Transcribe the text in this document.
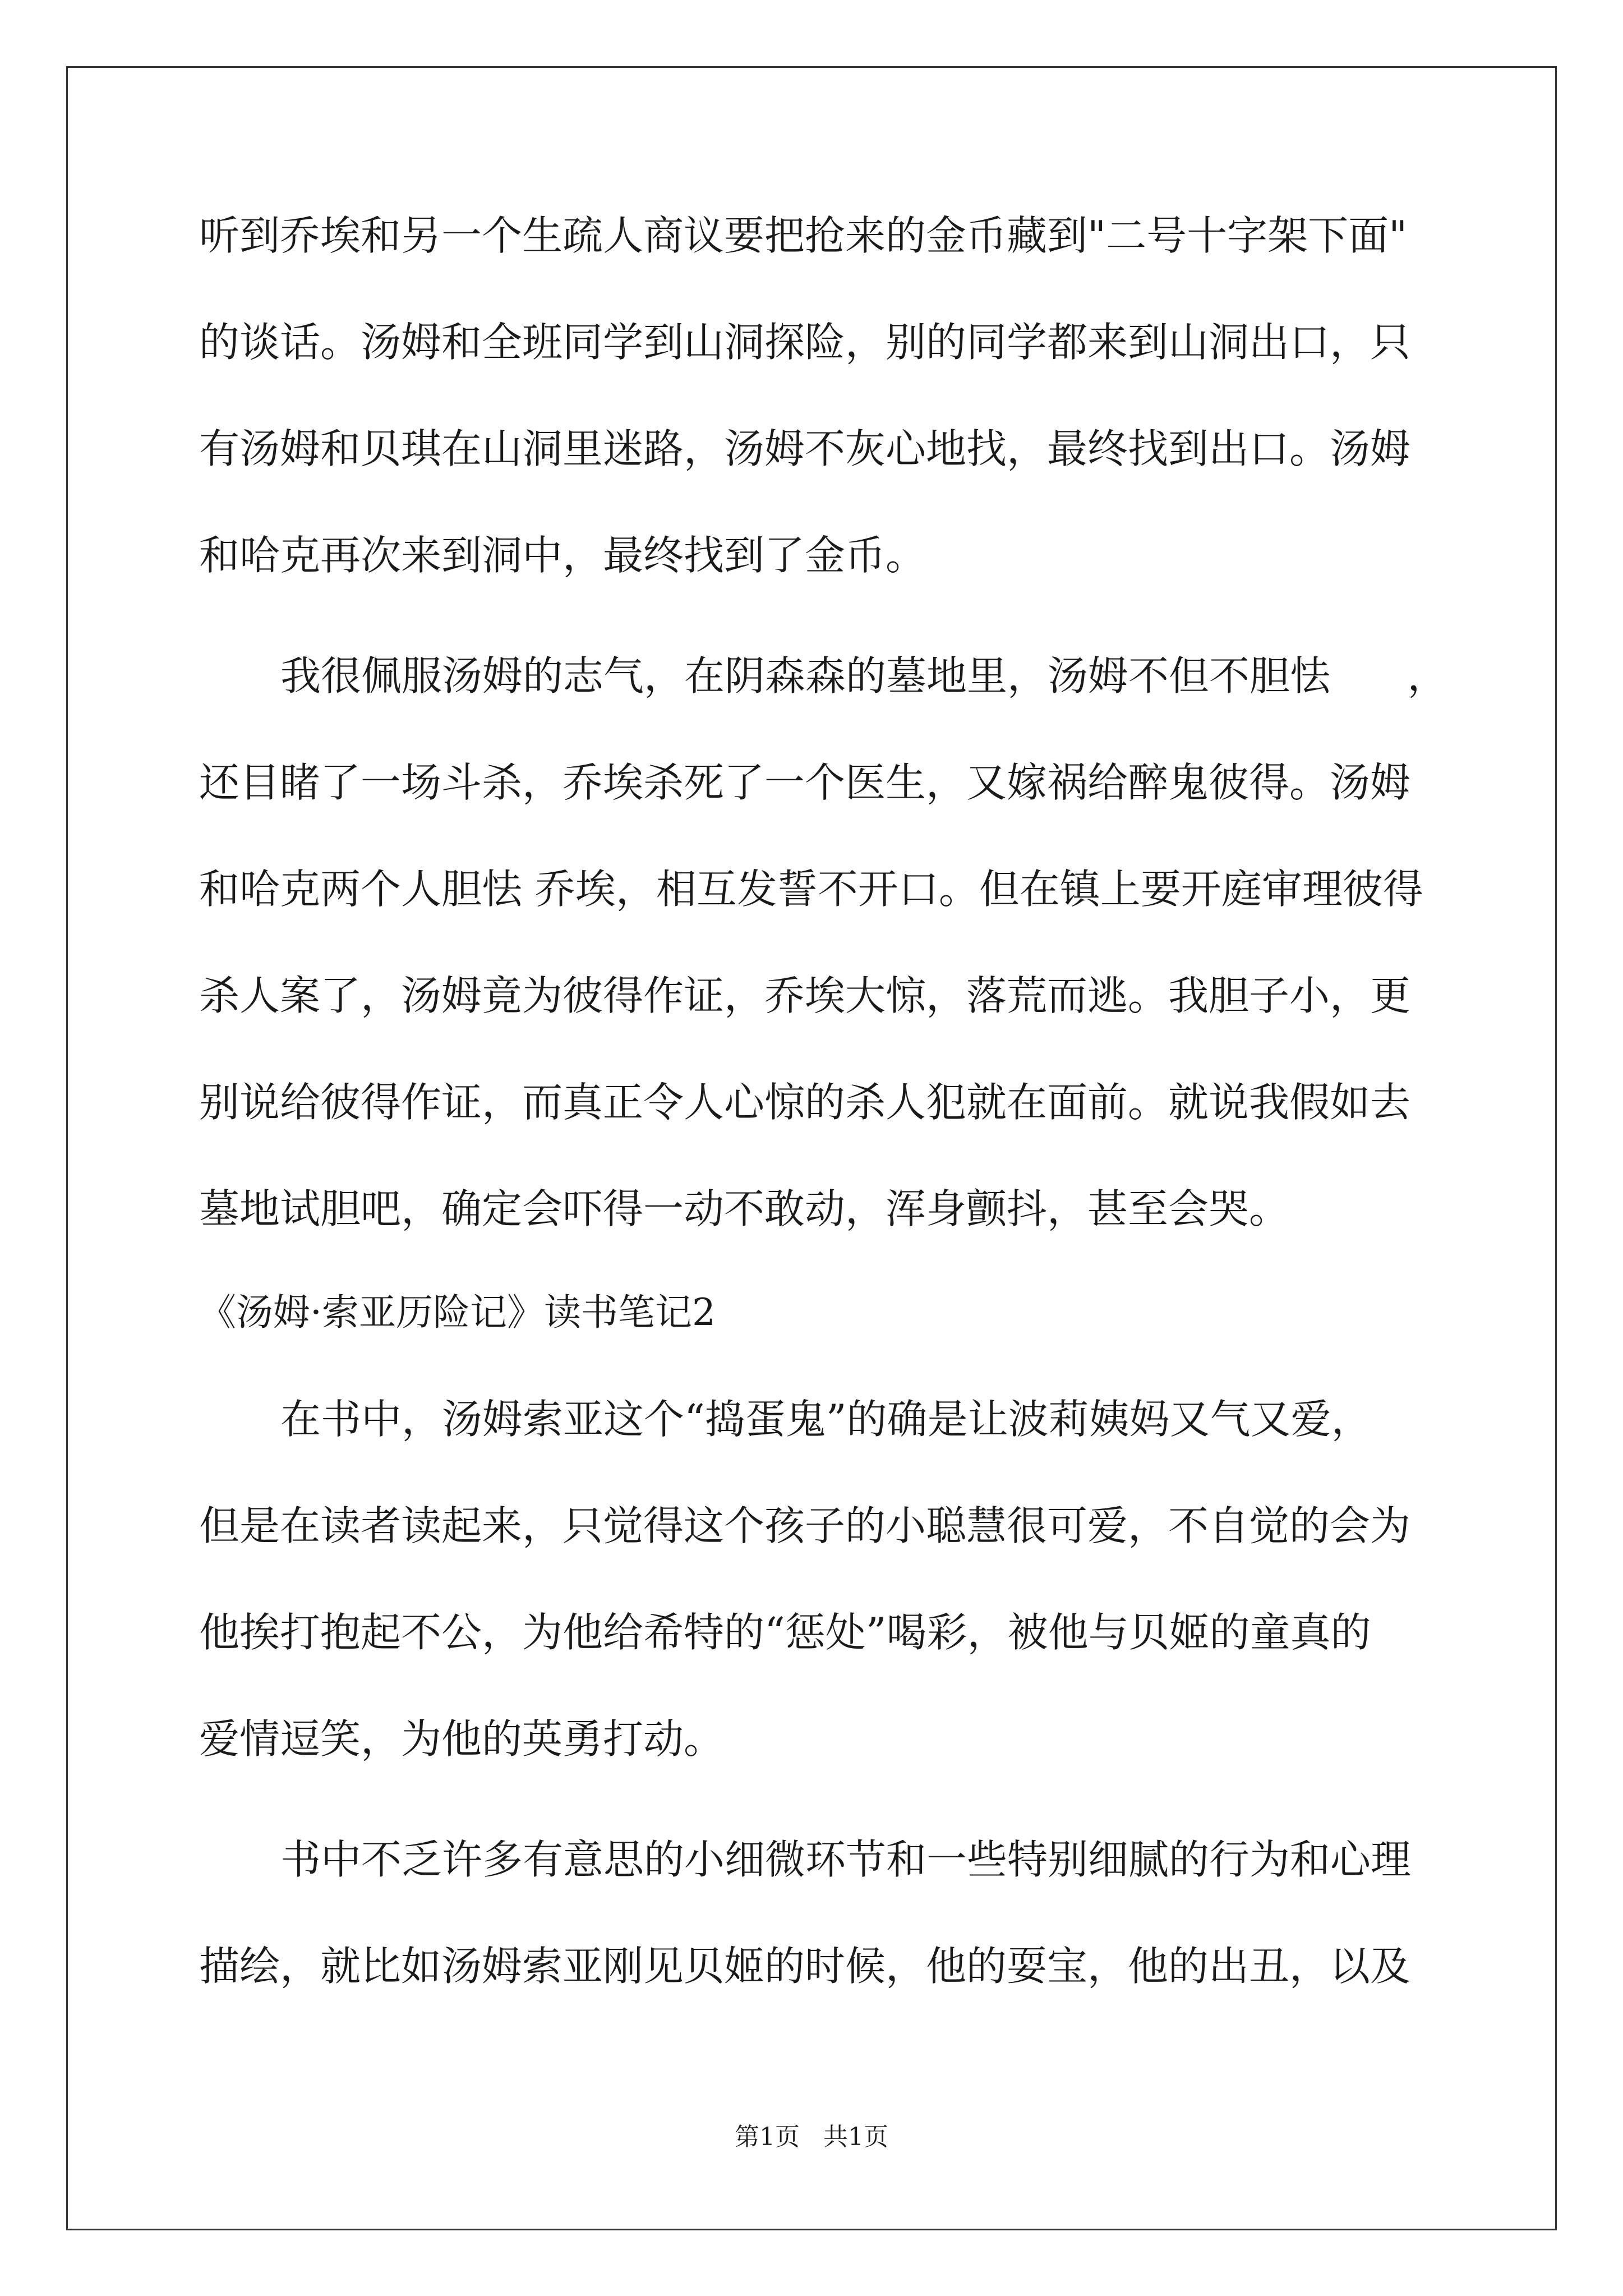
听到乔埃和另一个生疏人商议要把抢来的金币藏到"二号十字架下面"
的谈话。汤姆和全班同学到山洞探险，别的同学都来到山洞出口，只
有汤姆和贝琪在山洞里迷路，汤姆不灰心地找，最终找到出口。汤姆
和哈克再次来到洞中，最终找到了金币。
我很佩服汤姆的志气，在阴森森的墓地里，汤姆不但不胆怯      ，
还目睹了一场斗杀，乔埃杀死了一个医生，又嫁祸给醉鬼彼得。汤姆
和哈克两个人胆怯 乔埃，相互发誓不开口。但在镇上要开庭审理彼得
杀人案了，汤姆竟为彼得作证，乔埃大惊，落荒而逃。我胆子小，更
别说给彼得作证，而真正令人心惊的杀人犯就在面前。就说我假如去
墓地试胆吧，确定会吓得一动不敢动，浑身颤抖，甚至会哭。
《汤姆·索亚历险记》读书笔记2
在书中，汤姆索亚这个“捣蛋鬼”的确是让波莉姨妈又气又爱，
但是在读者读起来，只觉得这个孩子的小聪慧很可爱，不自觉的会为
他挨打抱起不公，为他给希特的“惩处”喝彩，被他与贝姬的童真的
爱情逗笑，为他的英勇打动。
书中不乏许多有意思的小细微环节和一些特别细腻的行为和心理
描绘，就比如汤姆索亚刚见贝姬的时候，他的耍宝，他的出丑，以及
第1页   共1页
